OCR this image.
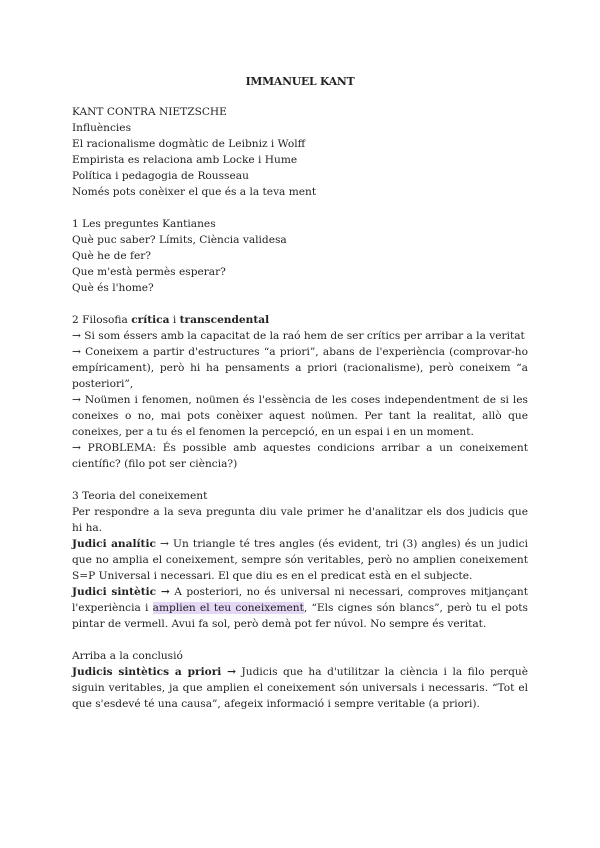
IMMANUEL KANT
KANT CONTRA NIETZSCHE
Influències
El racionalisme dogmàtic de Leibniz i Wolff
Empirista es relaciona amb Locke i Hume
Política i pedagogia de Rousseau
Només pots conèixer el que és a la teva ment
1 Les preguntes Kantianes
Què puc saber? Límits, Ciència validesa
Què he de fer?
Que m'està permès esperar?
Què és l'home?
2 Filosofia crítica i transcendental
→ Si som éssers amb la capacitat de la raó hem de ser crítics per arribar a la veritat
→ Coneixem a partir d'estructures “a priori”, abans de l'experiència (comprovar-ho empíricament), però hi ha pensaments a priori (racionalisme), però coneixem “a posteriori”,
→ Noümen i fenomen, noümen és l'essència de les coses independentment de si les coneixes o no, mai pots conèixer aquest noümen. Per tant la realitat, allò que coneixes, per a tu és el fenomen la percepció, en un espai i en un moment.
→ PROBLEMA: És possible amb aquestes condicions arribar a un coneixement científic? (filo pot ser ciència?)
3 Teoria del coneixement
Per respondre a la seva pregunta diu vale primer he d'analitzar els dos judicis que hi ha.
Judici analític → Un triangle té tres angles (és evident, tri (3) angles) és un judici que no amplia el coneixement, sempre són veritables, però no amplien coneixement S=P Universal i necessari. El que diu es en el predicat està en el subjecte.
Judici sintètic → A posteriori, no és universal ni necessari, comproves mitjançant l'experiència i amplien el teu coneixement, “Els cignes són blancs”, però tu el pots pintar de vermell. Avui fa sol, però demà pot fer núvol. No sempre és veritat.
Arriba a la conclusió
Judicis sintètics a priori → Judicis que ha d'utilitzar la ciència i la filo perquè siguin veritables, ja que amplien el coneixement són universals i necessaris. “Tot el que s'esdevé té una causa”, afegeix informació i sempre veritable (a priori).
